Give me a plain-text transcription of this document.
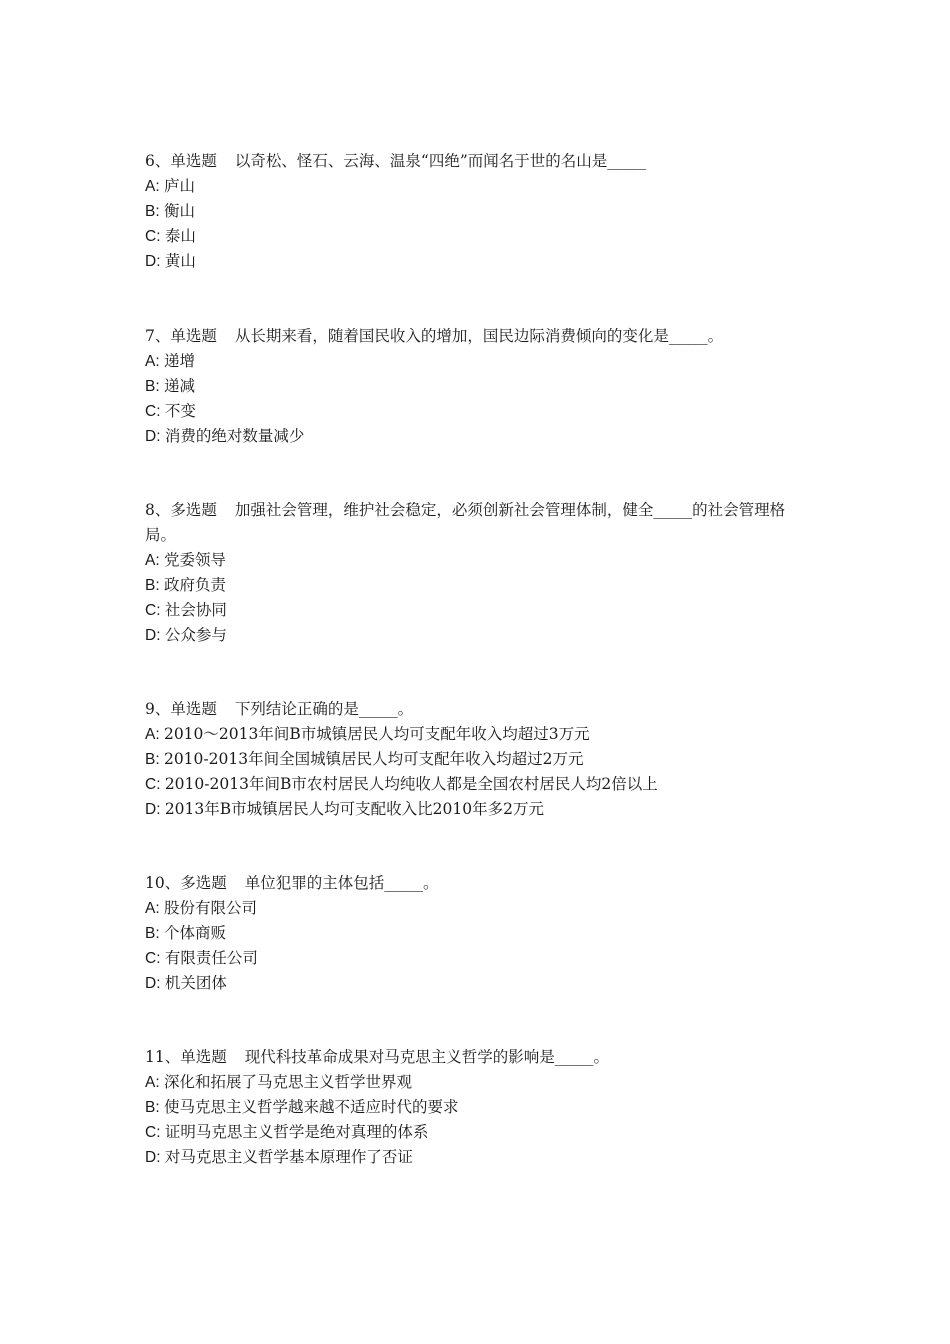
6、单选题 以奇松、怪石、云海、温泉“四绝”而闻名于世的名山是_____

A: 庐山

B: 衡山

C: 泰山

D: 黄山

7、单选题 从长期来看，随着国民收入的增加，国民边际消费倾向的变化是_____。

A: 递增

B: 递减

C: 不变

D: 消费的绝对数量减少

8、多选题 加强社会管理，维护社会稳定，必须创新社会管理体制，健全_____的社会管理格局。

A: 党委领导

B: 政府负责

C: 社会协同

D: 公众参与

9、单选题 下列结论正确的是_____。

A: 2010～2013年间B市城镇居民人均可支配年收入均超过3万元

B: 2010-2013年间全国城镇居民人均可支配年收入均超过2万元

C: 2010-2013年间B市农村居民人均纯收人都是全国农村居民人均2倍以上

D: 2013年B市城镇居民人均可支配收入比2010年多2万元

10、多选题 单位犯罪的主体包括_____。

A: 股份有限公司

B: 个体商贩

C: 有限责任公司

D: 机关团体

11、单选题 现代科技革命成果对马克思主义哲学的影响是_____。

A: 深化和拓展了马克思主义哲学世界观

B: 使马克思主义哲学越来越不适应时代的要求

C: 证明马克思主义哲学是绝对真理的体系

D: 对马克思主义哲学基本原理作了否证
